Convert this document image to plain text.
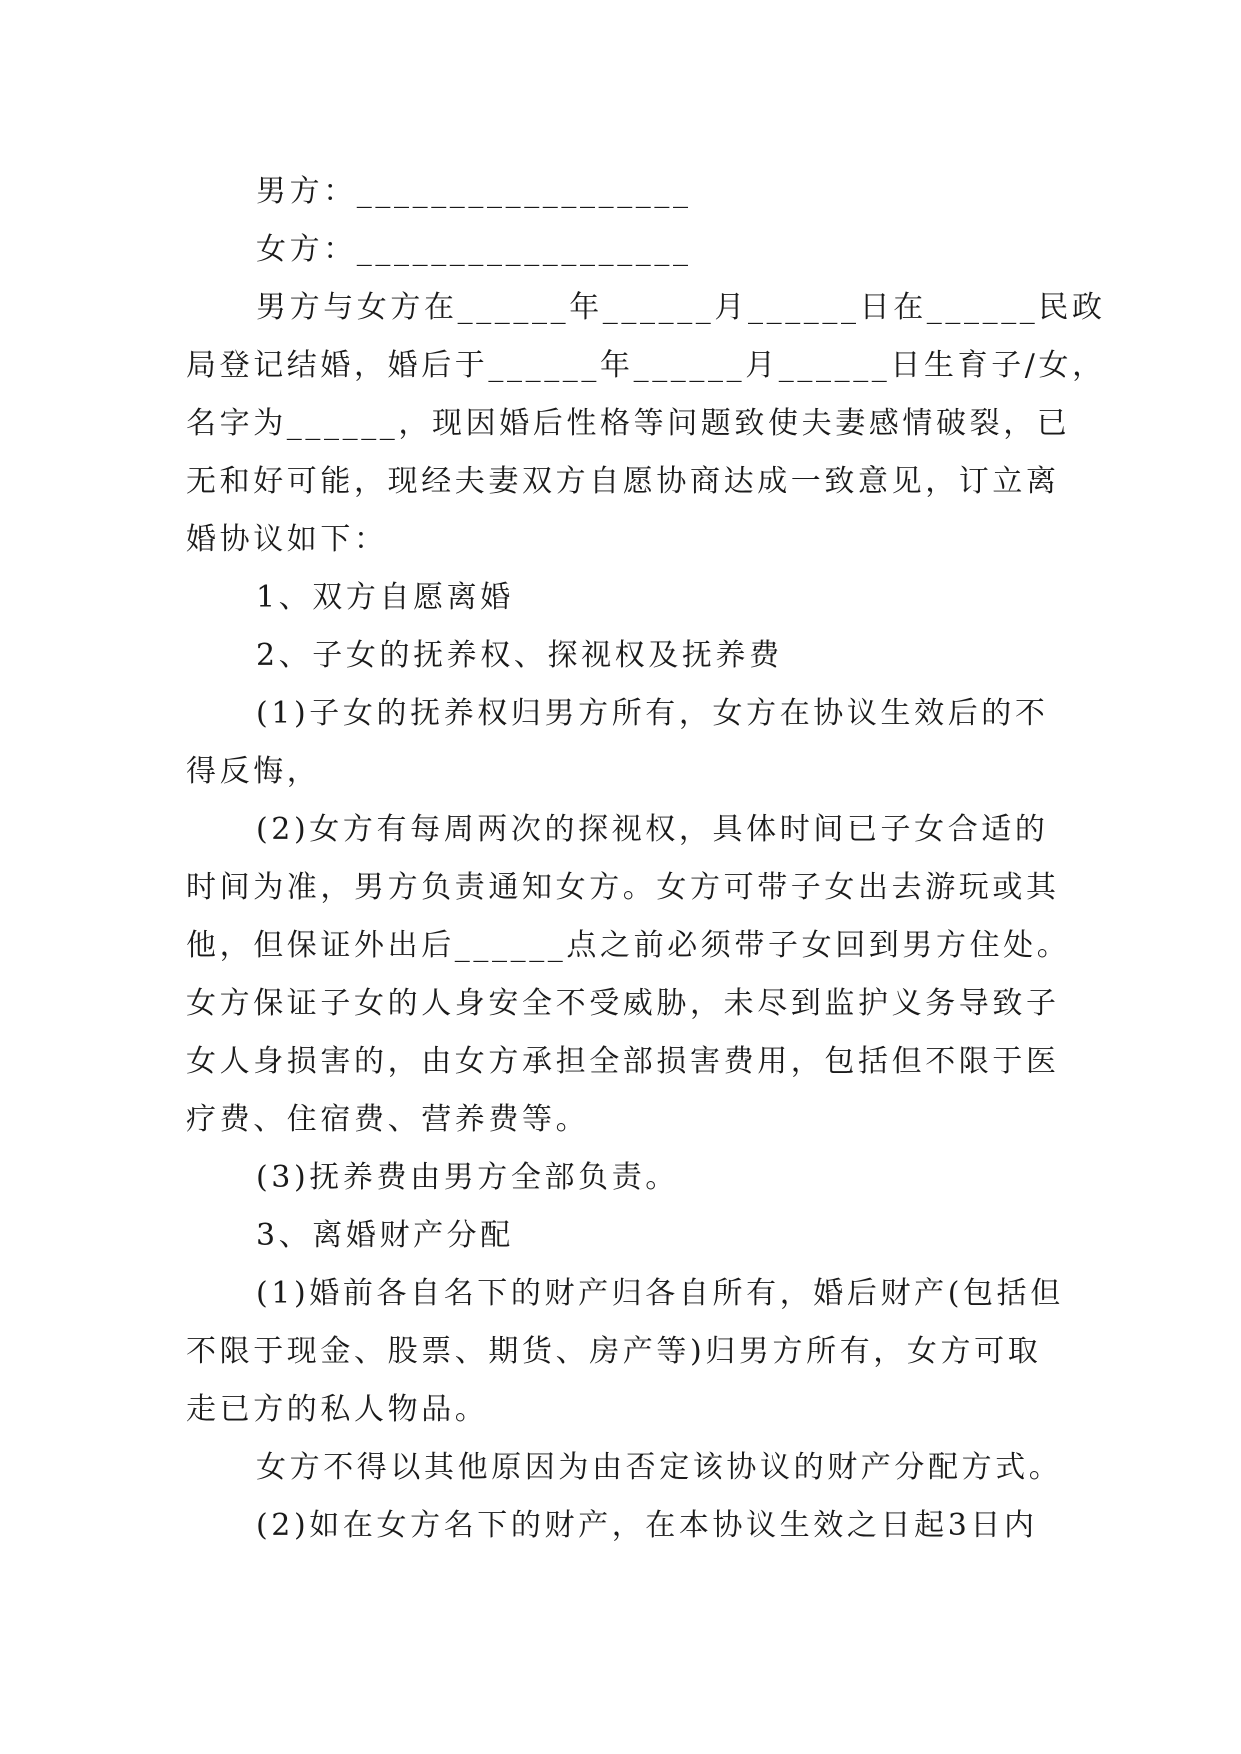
男方：__________________

女方：__________________

男方与女方在______年______月______日在______民政

局登记结婚，婚后于______年______月______日生育子/女，

名字为______，现因婚后性格等问题致使夫妻感情破裂，已

无和好可能，现经夫妻双方自愿协商达成一致意见，订立离

婚协议如下：

1、双方自愿离婚

2、子女的抚养权、探视权及抚养费

(1)子女的抚养权归男方所有，女方在协议生效后的不

得反悔，

(2)女方有每周两次的探视权，具体时间已子女合适的

时间为准，男方负责通知女方。女方可带子女出去游玩或其

他，但保证外出后______点之前必须带子女回到男方住处。

女方保证子女的人身安全不受威胁，未尽到监护义务导致子

女人身损害的，由女方承担全部损害费用，包括但不限于医

疗费、住宿费、营养费等。

(3)抚养费由男方全部负责。

3、离婚财产分配

(1)婚前各自名下的财产归各自所有，婚后财产(包括但

不限于现金、股票、期货、房产等)归男方所有，女方可取

走已方的私人物品。

女方不得以其他原因为由否定该协议的财产分配方式。

(2)如在女方名下的财产，在本协议生效之日起3日内
